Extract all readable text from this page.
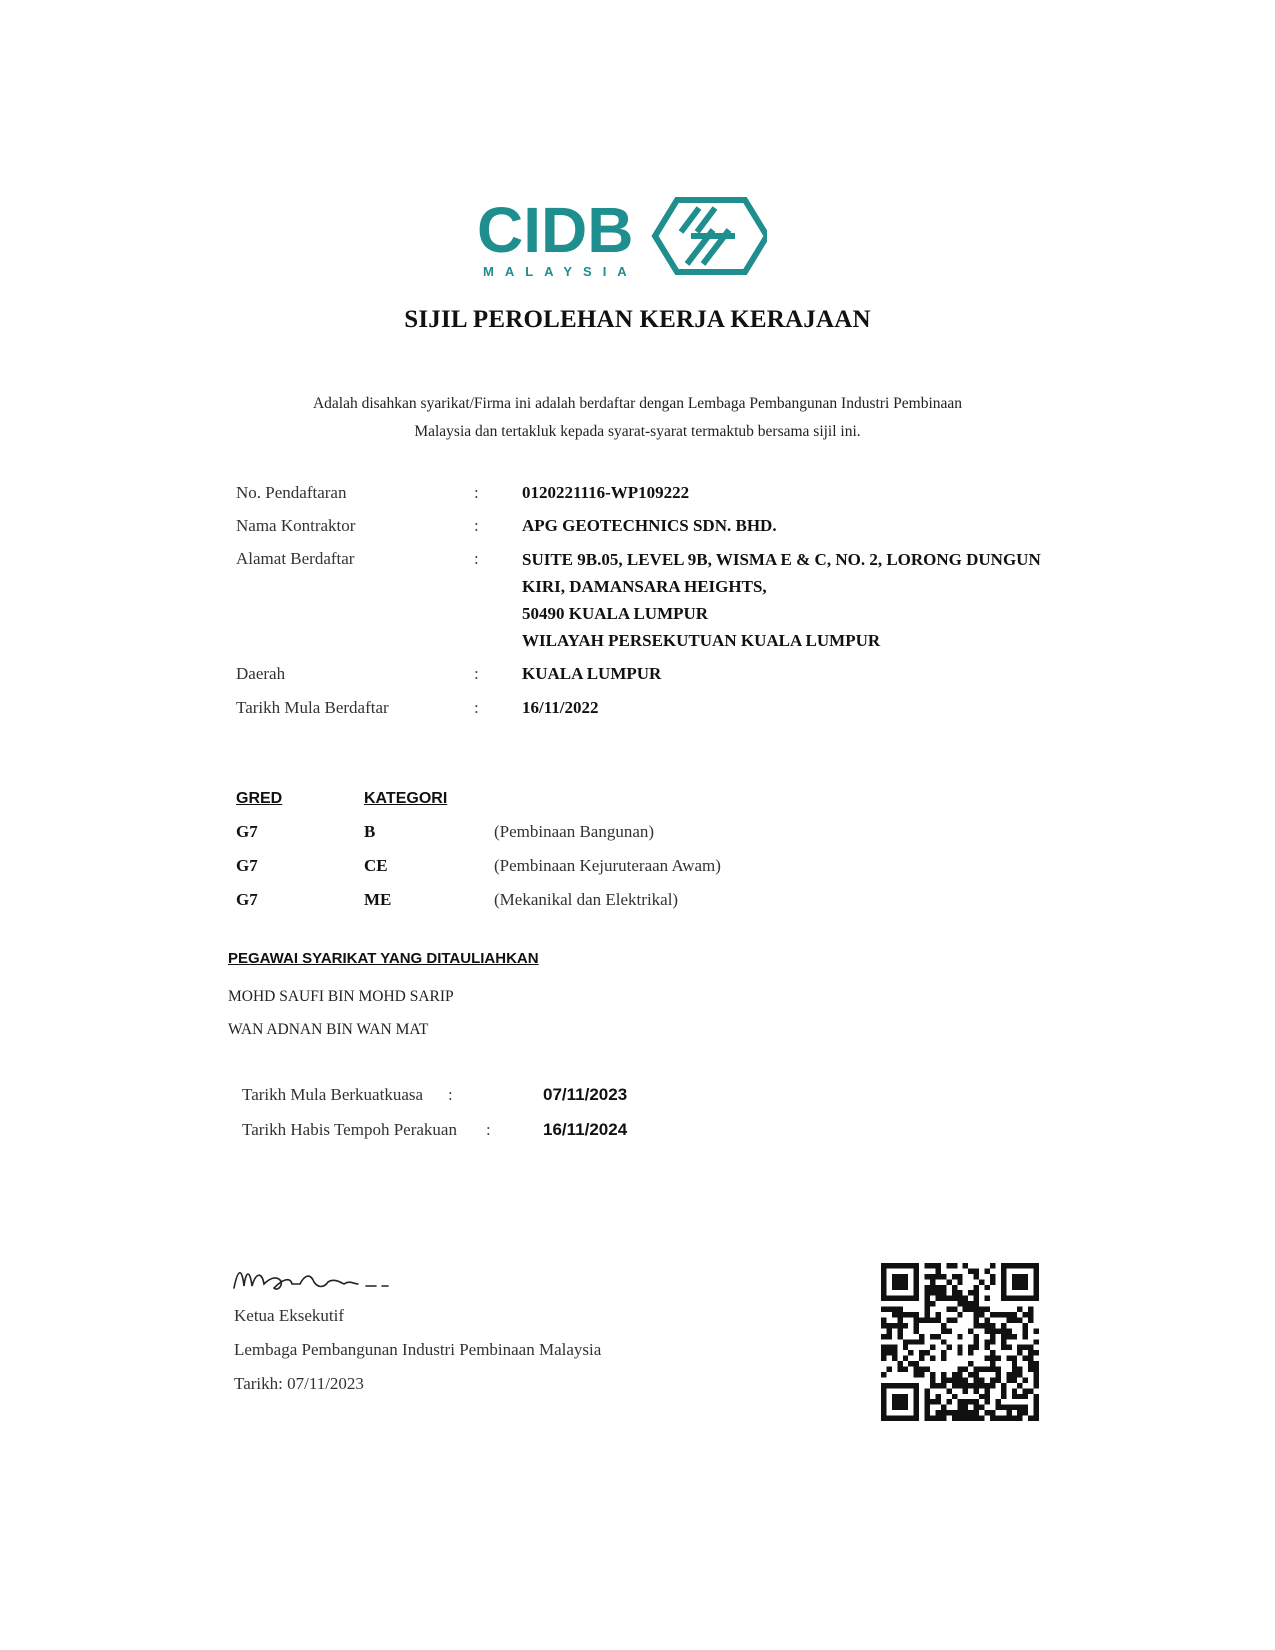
CIDB
MALAYSIA
SIJIL PEROLEHAN KERJA KERAJAAN
Adalah disahkan syarikat/Firma ini adalah berdaftar dengan Lembaga Pembangunan Industri Pembinaan
Malaysia dan tertakluk kepada syarat-syarat termaktub bersama sijil ini.
No. Pendaftaran	:	0120221116-WP109222
Nama Kontraktor	:	APG GEOTECHNICS SDN. BHD.
Alamat Berdaftar	:	SUITE 9B.05, LEVEL 9B, WISMA E & C, NO. 2, LORONG DUNGUN
KIRI, DAMANSARA HEIGHTS,
50490 KUALA LUMPUR
WILAYAH PERSEKUTUAN KUALA LUMPUR
Daerah	:	KUALA LUMPUR
Tarikh Mula Berdaftar	:	16/11/2022
GRED	KATEGORI
G7	B	(Pembinaan Bangunan)
G7	CE	(Pembinaan Kejuruteraan Awam)
G7	ME	(Mekanikal dan Elektrikal)
PEGAWAI SYARIKAT YANG DITAULIAHKAN
MOHD SAUFI BIN MOHD SARIP
WAN ADNAN BIN WAN MAT
Tarikh Mula Berkuatkuasa :	07/11/2023
Tarikh Habis Tempoh Perakuan :	16/11/2024
Ketua Eksekutif
Lembaga Pembangunan Industri Pembinaan Malaysia
Tarikh: 07/11/2023
